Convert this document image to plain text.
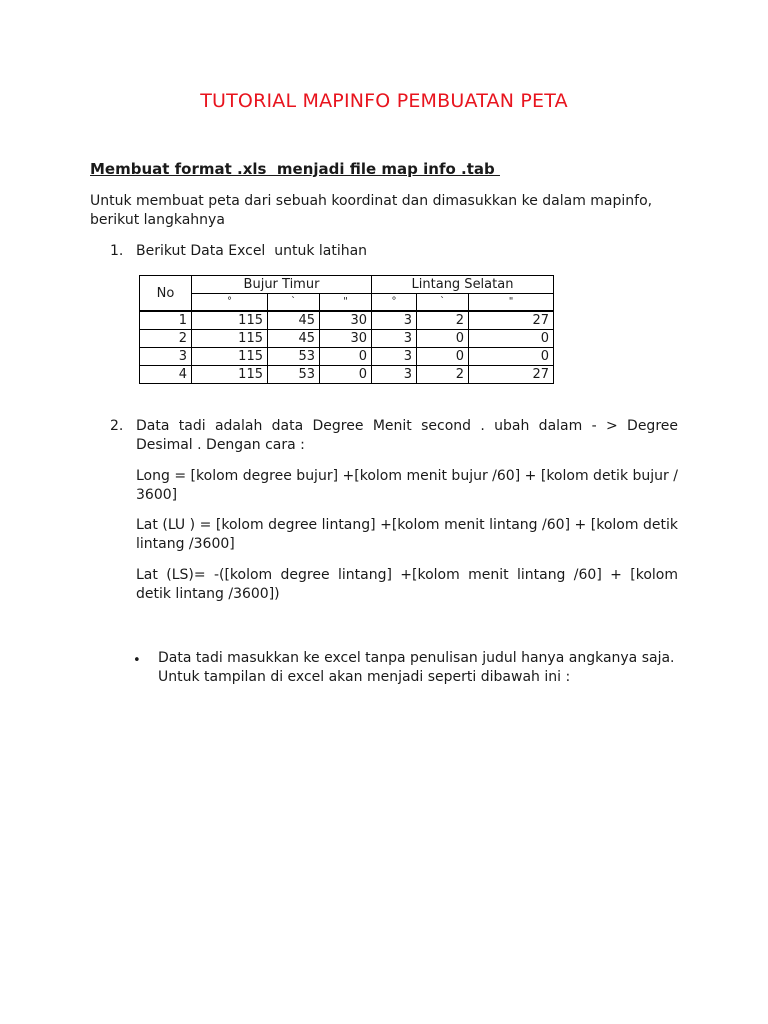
TUTORIAL MAPINFO PEMBUATAN PETA
Membuat format .xls  menjadi file map info .tab
Untuk membuat peta dari sebuah koordinat dan dimasukkan ke dalam mapinfo, berikut langkahnya
1. Berikut Data Excel  untuk latihan
No	Bujur Timur			Lintang Selatan		
	°	`	"	°	`	"
1	115	45	30	3	2	27
2	115	45	30	3	0	0
3	115	53	0	3	0	0
4	115	53	0	3	2	27
2. Data tadi adalah data Degree Menit second . ubah dalam - > Degree Desimal . Dengan cara :
Long = [kolom degree bujur] +[kolom menit bujur /60] + [kolom detik bujur / 3600]
Lat (LU ) = [kolom degree lintang] +[kolom menit lintang /60] + [kolom detik lintang /3600]
Lat (LS)= -([kolom degree lintang] +[kolom menit lintang /60] + [kolom detik lintang /3600])
• Data tadi masukkan ke excel tanpa penulisan judul hanya angkanya saja. Untuk tampilan di excel akan menjadi seperti dibawah ini :
